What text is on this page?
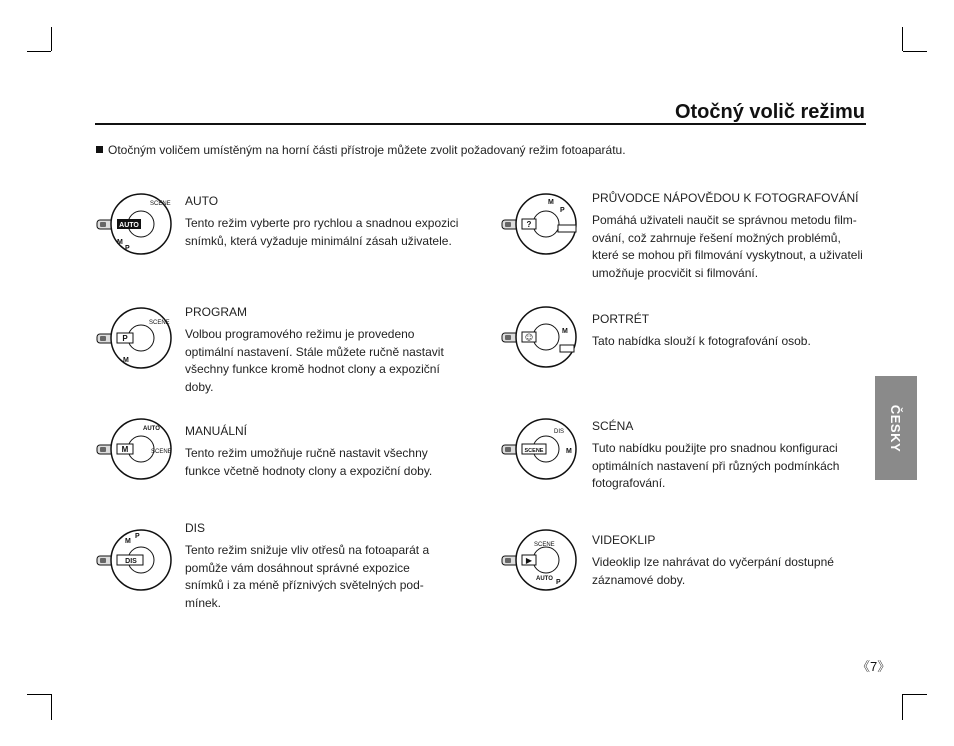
Otočný volič režimu
Otočným voličem umístěným na horní části přístroje můžete zvolit požadovaný režim fotoaparátu.
AUTO
SCENE
P
M
P
SCENE
M
M	SCENE
AUTO
DIS
M
P
?
M
P
☺
M
SCENE	M
DIS
▶
SCENE
AUTO P

AUTO

Tento režim vyberte pro rychlou a snadnou expozici snímků, která vyžaduje minimální zásah uživatele.

PROGRAM

Volbou programového režimu je provedeno optimální nastavení. Stále můžete ručně nastavit všechny funkce kromě hodnot clony a expoziční doby.

MANUÁLNÍ

Tento režim umožňuje ručně nastavit všechny funkce včetně hodnoty clony a expoziční doby.

DIS

Tento režim snižuje vliv otřesů na fotoaparát a pomůže vám dosáhnout správné expozice snímků i za méně příznivých světelných pod-mínek.

PRŮVODCE NÁPOVĚDOU K FOTOGRAFOVÁNÍ

Pomáhá uživateli naučit se správnou metodu film-ování, což zahrnuje řešení možných problémů, které se mohou při filmování vyskytnout, a uživateli umožňuje procvičit si filmování.

PORTRÉT

Tato nabídka slouží k fotografování osob.

SCÉNA

Tuto nabídku použijte pro snadnou konfiguraci optimálních nastavení při různých podmínkách fotografování.

VIDEOKLIP

Videoklip lze nahrávat do vyčerpání dostupné záznamové doby.

ČESKY
《7》
